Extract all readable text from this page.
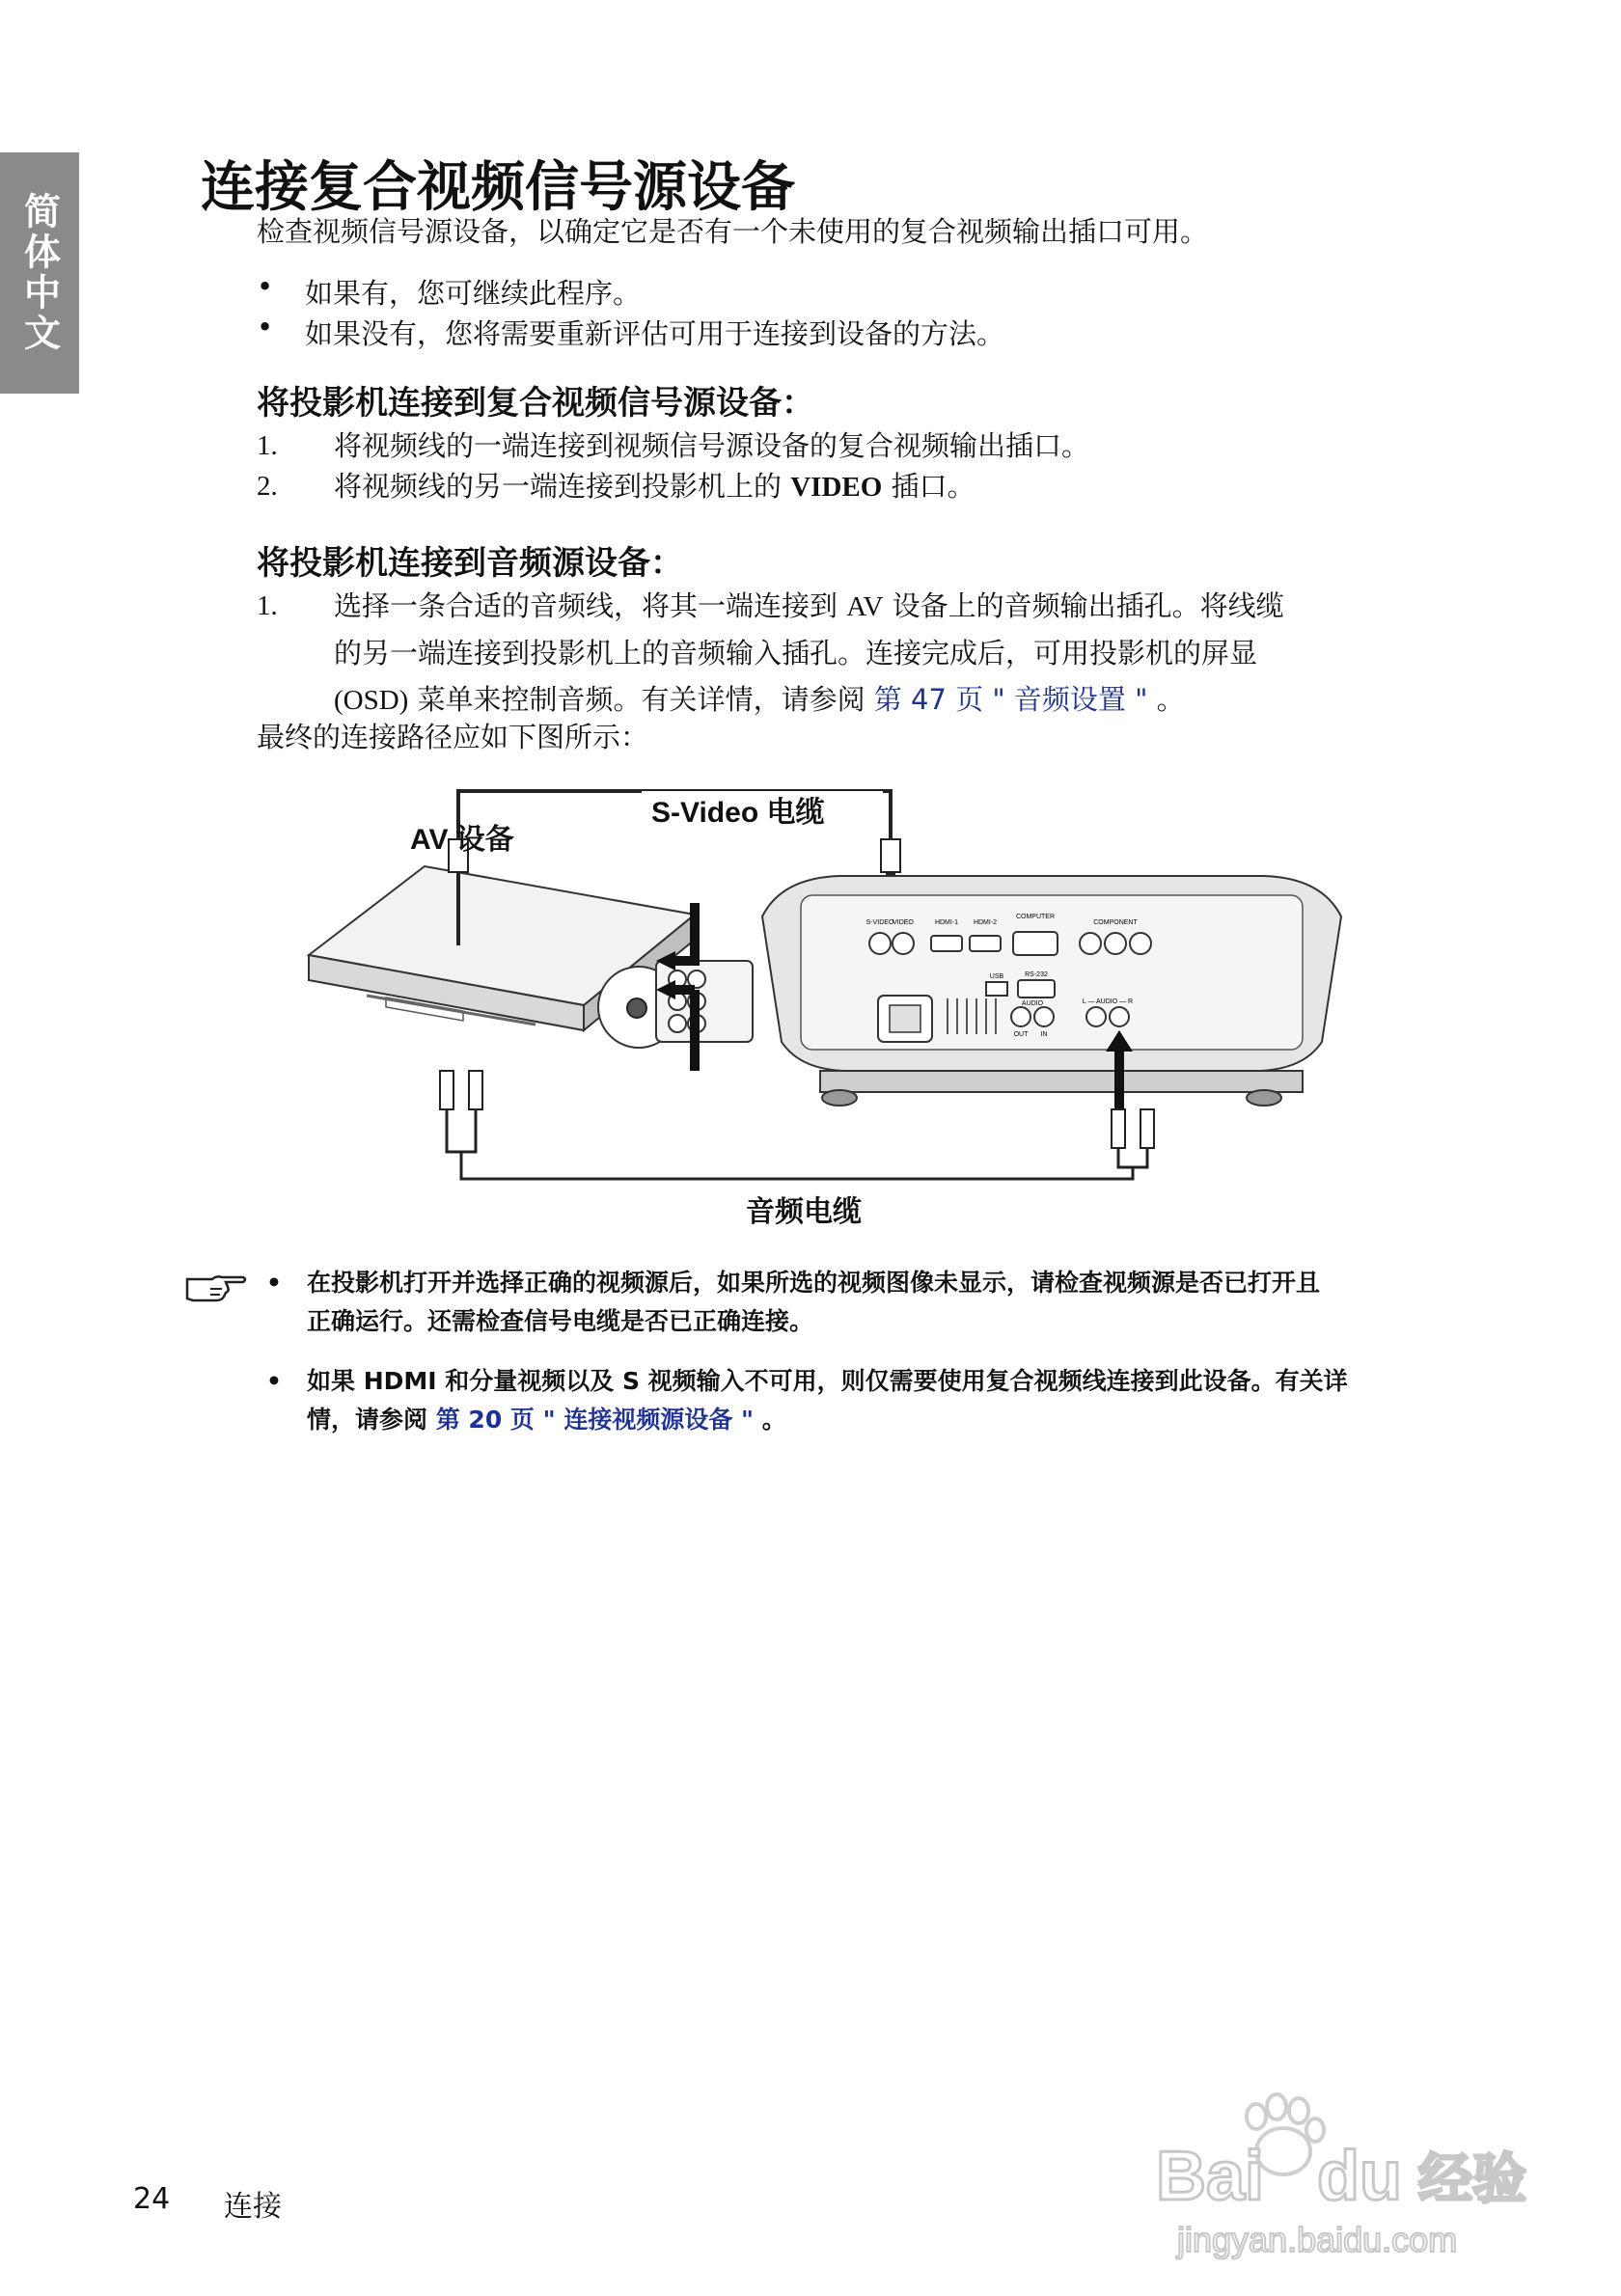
简体中文
连接复合视频信号源设备
检查视频信号源设备，以确定它是否有一个未使用的复合视频输出插口可用。
• 如果有，您可继续此程序。
• 如果没有，您将需要重新评估可用于连接到设备的方法。
将投影机连接到复合视频信号源设备：
1. 将视频线的一端连接到视频信号源设备的复合视频输出插口。
2. 将视频线的另一端连接到投影机上的 VIDEO 插口。
将投影机连接到音频源设备：
1. 选择一条合适的音频线，将其一端连接到 AV 设备上的音频输出插孔。将线缆
的另一端连接到投影机上的音频输入插孔。连接完成后，可用投影机的屏显
(OSD) 菜单来控制音频。有关详情，请参阅 第 47 页 " 音频设置 " 。
最终的连接路径应如下图所示：
S-VIDEO
VIDEO	HDMI-1 HDMI-2
COMPUTER
COMPONENT
USB	RS-232
AUDIO
OUT IN
L — AUDIO — R
AV 设备
S-Video 电缆
音频电缆
• 在投影机打开并选择正确的视频源后，如果所选的视频图像未显示，请检查视频源是否已打开且
正确运行。还需检查信号电缆是否已正确连接。
• 如果 HDMI 和分量视频以及 S 视频输入不可用，则仅需要使用复合视频线连接到此设备。有关详
情，请参阅 第 20 页 " 连接视频源设备 " 。
24 连接	Bai du 经验
jingyan.baidu.com
